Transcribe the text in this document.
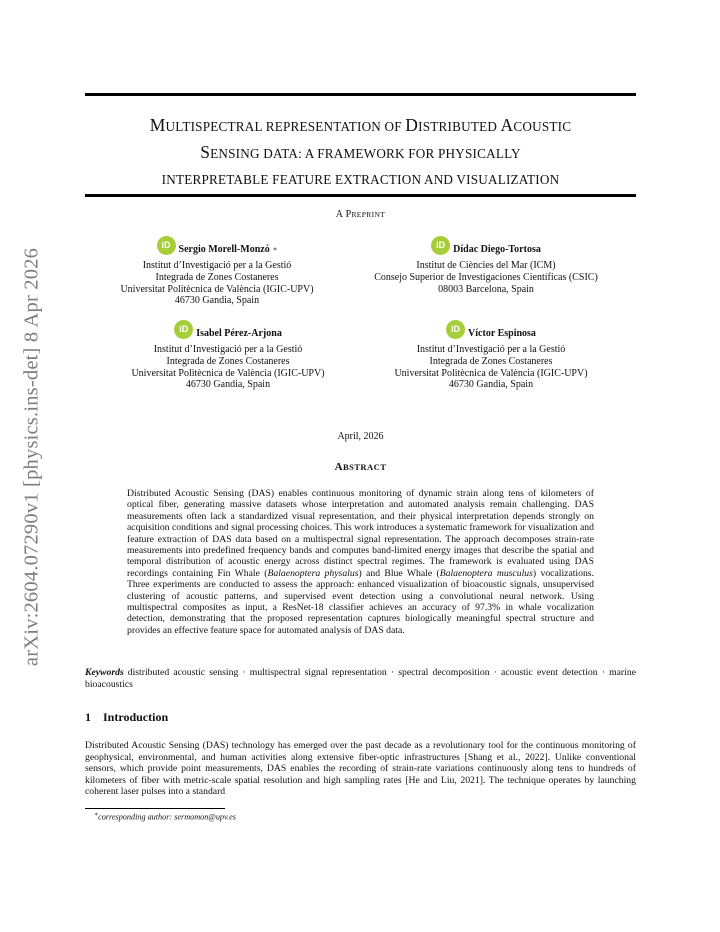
arXiv:2604.07290v1 [physics.ins-det] 8 Apr 2026
MULTISPECTRAL REPRESENTATION OF DISTRIBUTED ACOUSTIC
SENSING DATA: A FRAMEWORK FOR PHYSICALLY
INTERPRETABLE FEATURE EXTRACTION AND VISUALIZATION
A PREPRINT
iD Sergio Morell-Monzó ∗
Institut d’Investigació per a la Gestió
Integrada de Zones Costaneres
Universitat Politècnica de València (IGIC-UPV)
46730 Gandia, Spain
iD Dídac Diego-Tortosa
Institut de Ciències del Mar (ICM)
Consejo Superior de Investigaciones Científicas (CSIC)
08003 Barcelona, Spain
iD Isabel Pérez-Arjona
Institut d’Investigació per a la Gestió
Integrada de Zones Costaneres
Universitat Politècnica de València (IGIC-UPV)
46730 Gandia, Spain
iD Víctor Espinosa
Institut d’Investigació per a la Gestió
Integrada de Zones Costaneres
Universitat Politècnica de València (IGIC-UPV)
46730 Gandia, Spain
April, 2026
ABSTRACT
Distributed Acoustic Sensing (DAS) enables continuous monitoring of dynamic strain along tens of kilometers of optical fiber, generating massive datasets whose interpretation and automated analysis remain challenging. DAS measurements often lack a standardized visual representation, and their physical interpretation depends strongly on acquisition conditions and signal processing choices. This work introduces a systematic framework for visualization and feature extraction of DAS data based on a multispectral signal representation. The approach decomposes strain-rate measurements into predefined frequency bands and computes band-limited energy images that describe the spatial and temporal distribution of acoustic energy across distinct spectral regimes. The framework is evaluated using DAS recordings containing Fin Whale (Balaenoptera physalus) and Blue Whale (Balaenoptera musculus) vocalizations. Three experiments are conducted to assess the approach: enhanced visualization of bioacoustic signals, unsupervised clustering of acoustic patterns, and supervised event detection using a convolutional neural network. Using multispectral composites as input, a ResNet-18 classifier achieves an accuracy of 97.3% in whale vocalization detection, demonstrating that the proposed representation captures biologically meaningful spectral structure and provides an effective feature space for automated analysis of DAS data.
Keywords distributed acoustic sensing · multispectral signal representation · spectral decomposition · acoustic event detection · marine bioacoustics
1 Introduction
Distributed Acoustic Sensing (DAS) technology has emerged over the past decade as a revolutionary tool for the continuous monitoring of geophysical, environmental, and human activities along extensive fiber-optic infrastructures [Shang et al., 2022]. Unlike conventional sensors, which provide point measurements, DAS enables the recording of strain-rate variations continuously along tens to hundreds of kilometers of fiber with metric-scale spatial resolution and high sampling rates [He and Liu, 2021]. The technique operates by launching coherent laser pulses into a standard
∗corresponding author: sermomon@upv.es
